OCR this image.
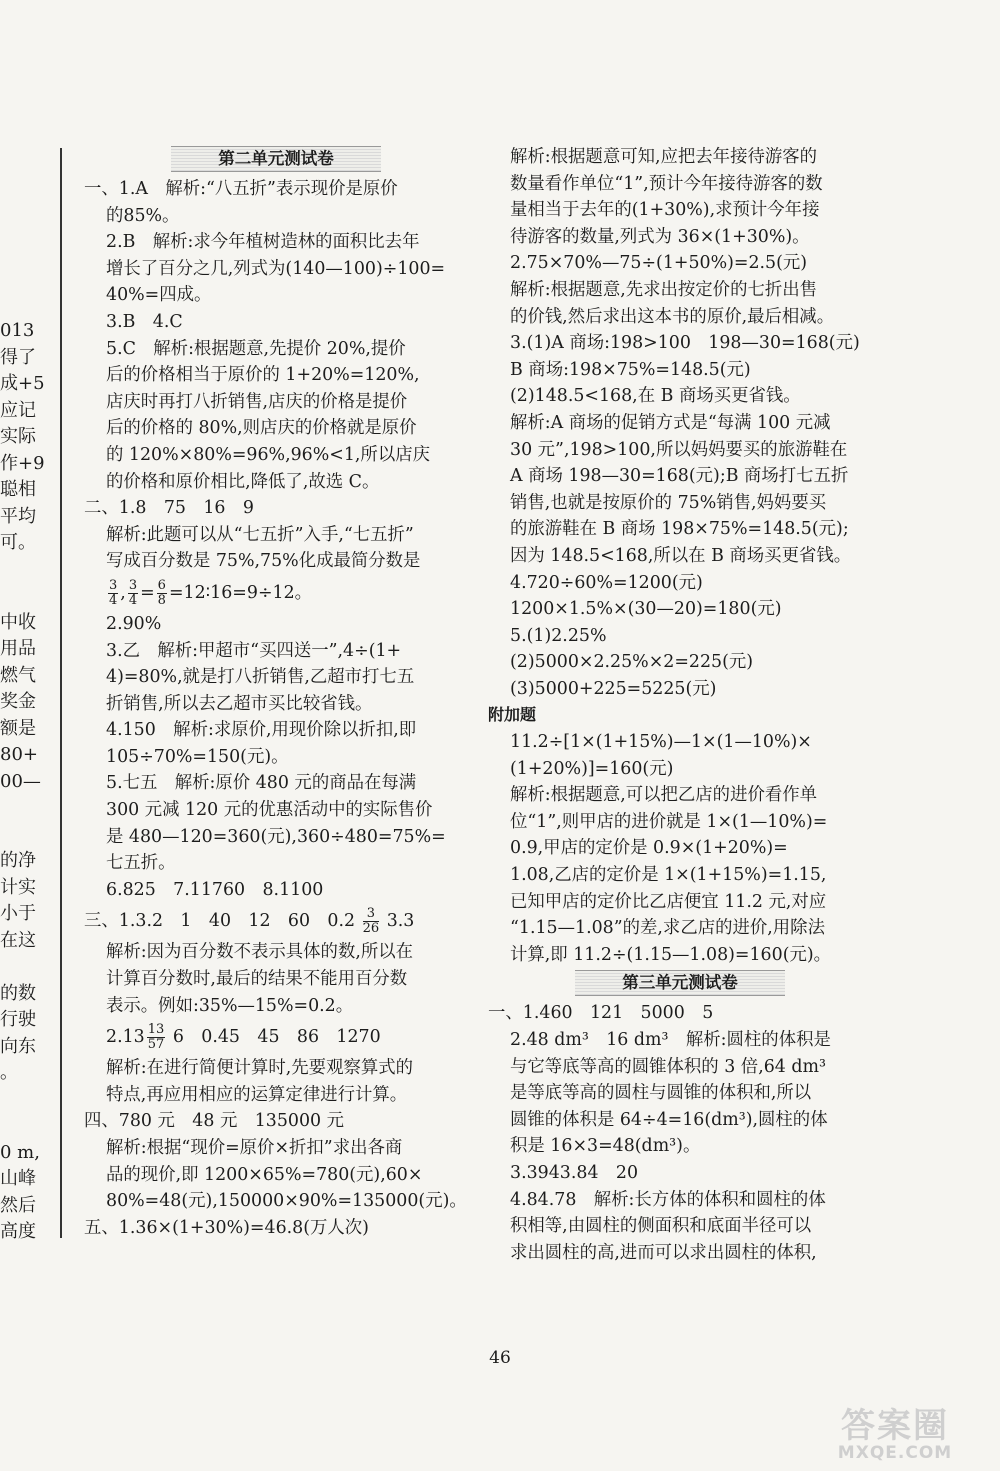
013
得了
成+5
应记
实际
作+9
聪相
平均
可。
中收
用品
燃气
奖金
额是
80+
00—
的净
计实
小于
在这
的数
行驶
向东
。
0 m,
山峰
然后
高度
第二单元测试卷
一、1.A　解析:“八五折”表示现价是原价
的85%。
2.B　解析:求今年植树造林的面积比去年
增长了百分之几,列式为(140—100)÷100=
40%=四成。
3.B　4.C
5.C　解析:根据题意,先提价 20%,提价
后的价格相当于原价的 1+20%=120%,
店庆时再打八折销售,店庆的价格是提价
后的价格的 80%,则店庆的价格就是原价
的 120%×80%=96%,96%<1,所以店庆
的价格和原价相比,降低了,故选 C。
二、1.8　75　16　9
解析:此题可以从“七五折”入手,“七五折”
写成百分数是 75%,75%化成最简分数是
$\frac{3}{4}$ , $\frac{3}{4} = \frac{6}{8}$ =12∶16=9÷12。
2.90%
3.乙　解析:甲超市“买四送一”,4÷(1+
4)=80%,就是打八折销售,乙超市打七五
折销售,所以去乙超市买比较省钱。
4.150　解析:求原价,用现价除以折扣,即
105÷70%=150(元)。
5.七五　解析:原价 480 元的商品在每满
300 元减 120 元的优惠活动中的实际售价
是 480—120=360(元),360÷480=75%=
七五折。
6.825　7.11760　8.1100
三、1.3.2　1　40　12　60　$0.2 \frac{3}{26} 3.3$
解析:因为百分数不表示具体的数,所以在
计算百分数时,最后的结果不能用百分数
表示。例如:35%—15%=0.2。
$2.13 \frac{13}{57} 6$　0.45　45　86　1270
解析:在进行简便计算时,先要观察算式的
特点,再应用相应的运算定律进行计算。
四、780 元　48 元　135000 元
解析:根据“现价=原价×折扣”求出各商
品的现价,即 1200×65%=780(元),60×
80%=48(元),150000×90%=135000(元)。
五、1.36×(1+30%)=46.8(万人次)
解析:根据题意可知,应把去年接待游客的
数量看作单位“1”,预计今年接待游客的数
量相当于去年的(1+30%),求预计今年接
待游客的数量,列式为 36×(1+30%)。
2.75×70%—75÷(1+50%)=2.5(元)
解析:根据题意,先求出按定价的七折出售
的价钱,然后求出这本书的原价,最后相减。
3.(1)A 商场:198>100　198—30=168(元)
B 商场:198×75%=148.5(元)
(2)148.5<168,在 B 商场买更省钱。
解析:A 商场的促销方式是“每满 100 元减
30 元”,198>100,所以妈妈要买的旅游鞋在
A 商场 198—30=168(元);B 商场打七五折
销售,也就是按原价的 75%销售,妈妈要买
的旅游鞋在 B 商场 198×75%=148.5(元);
因为 148.5<168,所以在 B 商场买更省钱。
4.720÷60%=1200(元)
1200×1.5%×(30—20)=180(元)
5.(1)2.25%
(2)5000×2.25%×2=225(元)
(3)5000+225=5225(元)
附加题
11.2÷[1×(1+15%)—1×(1—10%)×
(1+20%)]=160(元)
解析:根据题意,可以把乙店的进价看作单
位“1”,则甲店的进价就是 1×(1—10%)=
0.9,甲店的定价是 0.9×(1+20%)=
1.08,乙店的定价是 1×(1+15%)=1.15,
已知甲店的定价比乙店便宜 11.2 元,对应
“1.15—1.08”的差,求乙店的进价,用除法
计算,即 11.2÷(1.15—1.08)=160(元)。
第三单元测试卷
一、1.460　121　5000　5
2.48 dm³　16 dm³　解析:圆柱的体积是
与它等底等高的圆锥体积的 3 倍,64 dm³
是等底等高的圆柱与圆锥的体积和,所以
圆锥的体积是 64÷4=16(dm³),圆柱的体
积是 16×3=48(dm³)。
3.3943.84　20
4.84.78　解析:长方体的体积和圆柱的体
积相等,由圆柱的侧面积和底面半径可以
求出圆柱的高,进而可以求出圆柱的体积,
46
答案圈
MXQE.COM
